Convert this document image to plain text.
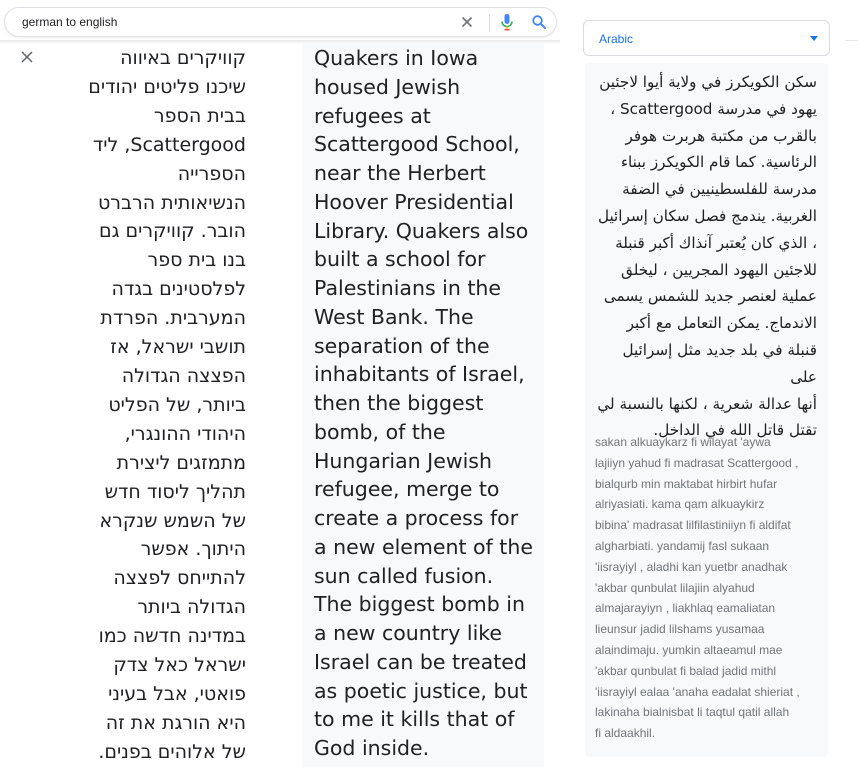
german to english

קוויקרים באיווה
שיכנו פליטים יהודים
בבית הספר
Scattergood, ליד
הספרייה
הנשיאותית הרברט
הובר. קוויקרים גם
בנו בית ספר
לפלסטינים בגדה
המערבית. הפרדת
תושבי ישראל, אז
הפצצה הגדולה
ביותר, של הפליט
היהודי ההונגרי,
מתמזגים ליצירת
תהליך ליסוד חדש
של השמש שנקרא
היתוך. אפשר
להתייחס לפצצה
הגדולה ביותר
במדינה חדשה כמו
ישראל כאל צדק
פואטי, אבל בעיני
היא הורגת את זה
של אלוהים בפנים.

Quakers in Iowa
housed Jewish
refugees at
Scattergood School,
near the Herbert
Hoover Presidential
Library. Quakers also
built a school for
Palestinians in the
West Bank. The
separation of the
inhabitants of Israel,
then the biggest
bomb, of the
Hungarian Jewish
refugee, merge to
create a process for
a new element of the
sun called fusion.
The biggest bomb in
a new country like
Israel can be treated
as poetic justice, but
to me it kills that of
God inside.

Arabic

سكن الكويكرز في ولاية أيوا لاجئين
يهود في مدرسة Scattergood ،
بالقرب من مكتبة هربرت هوفر
الرئاسية. كما قام الكويكرز ببناء
مدرسة للفلسطينيين في الضفة
الغربية. يندمج فصل سكان إسرائيل
، الذي كان يُعتبر آنذاك أكبر قنبلة
للاجئين اليهود المجريين ، ليخلق
عملية لعنصر جديد للشمس يسمى
الاندماج. يمكن التعامل مع أكبر
قنبلة في بلد جديد مثل إسرائيل على
أنها عدالة شعرية ، لكنها بالنسبة لي
تقتل قاتل الله في الداخل.

sakan alkuaykarz fi wilayat 'aywa
lajiiyn yahud fi madrasat Scattergood ,
bialqurb min maktabat hirbirt hufar
alriyasiati. kama qam alkuaykirz
bibina' madrasat lilfilastiniiyn fi aldifat
algharbiati. yandamij fasl sukaan
'iisrayiyl , aladhi kan yuetbr anadhak
'akbar qunbulat lilajiin alyahud
almajarayiyn , liakhlaq eamaliatan
lieunsur jadid lilshams yusamaa
alaindimaju. yumkin altaeamul mae
'akbar qunbulat fi balad jadid mithl
'iisrayiyl ealaa 'anaha eadalat shieriat ,
lakinaha bialnisbat li taqtul qatil allah
fi aldaakhil.
